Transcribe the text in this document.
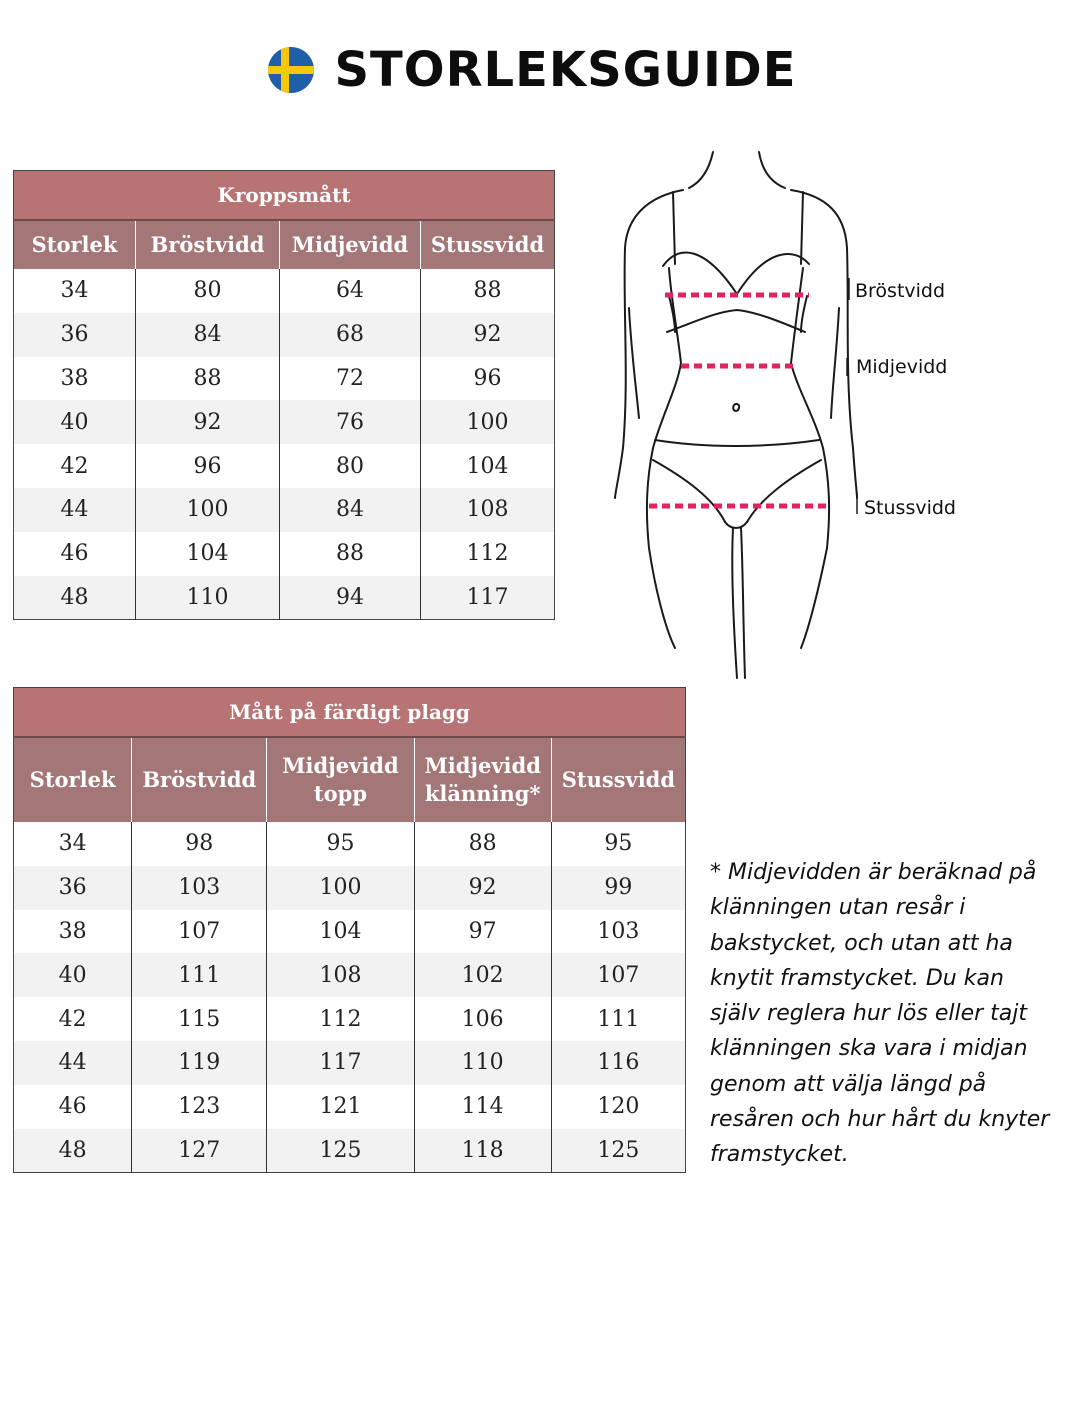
STORLEKSGUIDE
Kroppsmått			
Storlek	Bröstvidd	Midjevidd	Stussvidd
34	80	64	88
36	84	68	92
38	88	72	96
40	92	76	100
42	96	80	104
44	100	84	108
46	104	88	112
48	110	94	117
Bröstvidd
Midjevidd
Stussvidd
Mått på färdigt plagg				
Storlek	Bröstvidd	Midjevidd topp	Midjevidd klänning*	Stussvidd
34	98	95	88	95
36	103	100	92	99
38	107	104	97	103
40	111	108	102	107
42	115	112	106	111
44	119	117	110	116
46	123	121	114	120
48	127	125	118	125
* Midjevidden är beräknad på klänningen utan resår i bakstycket, och utan att ha knytit framstycket. Du kan själv reglera hur lös eller tajt klänningen ska vara i midjan genom att välja längd på resåren och hur hårt du knyter framstycket.
